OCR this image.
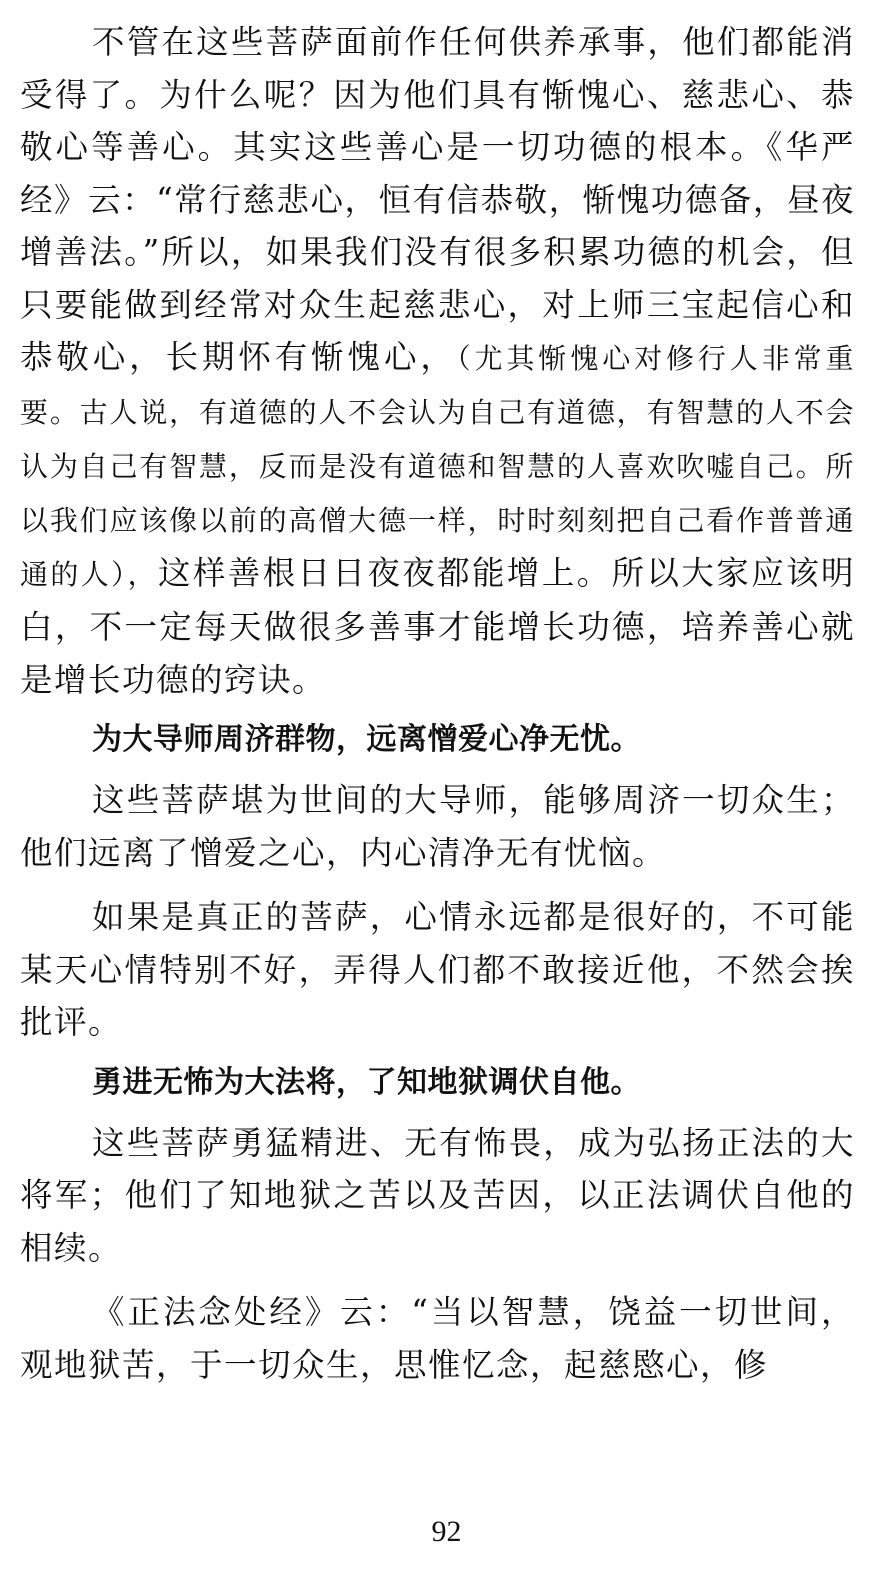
不管在这些菩萨面前作任何供养承事，他们都能消受得了。为什么呢？因为他们具有惭愧心、慈悲心、恭敬心等善心。其实这些善心是一切功德的根本。《华严经》云：“常行慈悲心，恒有信恭敬，惭愧功德备，昼夜增善法。”所以，如果我们没有很多积累功德的机会，但只要能做到经常对众生起慈悲心，对上师三宝起信心和恭敬心，长期怀有惭愧心，（尤其惭愧心对修行人非常重要。古人说，有道德的人不会认为自己有道德，有智慧的人不会认为自己有智慧，反而是没有道德和智慧的人喜欢吹嘘自己。所以我们应该像以前的高僧大德一样，时时刻刻把自己看作普普通通的人），这样善根日日夜夜都能增上。所以大家应该明白，不一定每天做很多善事才能增长功德，培养善心就是增长功德的窍诀。

为大导师周济群物，远离憎爱心净无忧。

这些菩萨堪为世间的大导师，能够周济一切众生；他们远离了憎爱之心，内心清净无有忧恼。

如果是真正的菩萨，心情永远都是很好的，不可能某天心情特别不好，弄得人们都不敢接近他，不然会挨批评。

勇进无怖为大法将，了知地狱调伏自他。

这些菩萨勇猛精进、无有怖畏，成为弘扬正法的大将军；他们了知地狱之苦以及苦因，以正法调伏自他的相续。

《正法念处经》云：“当以智慧，饶益一切世间，观地狱苦，于一切众生，思惟忆念，起慈愍心，修

92
